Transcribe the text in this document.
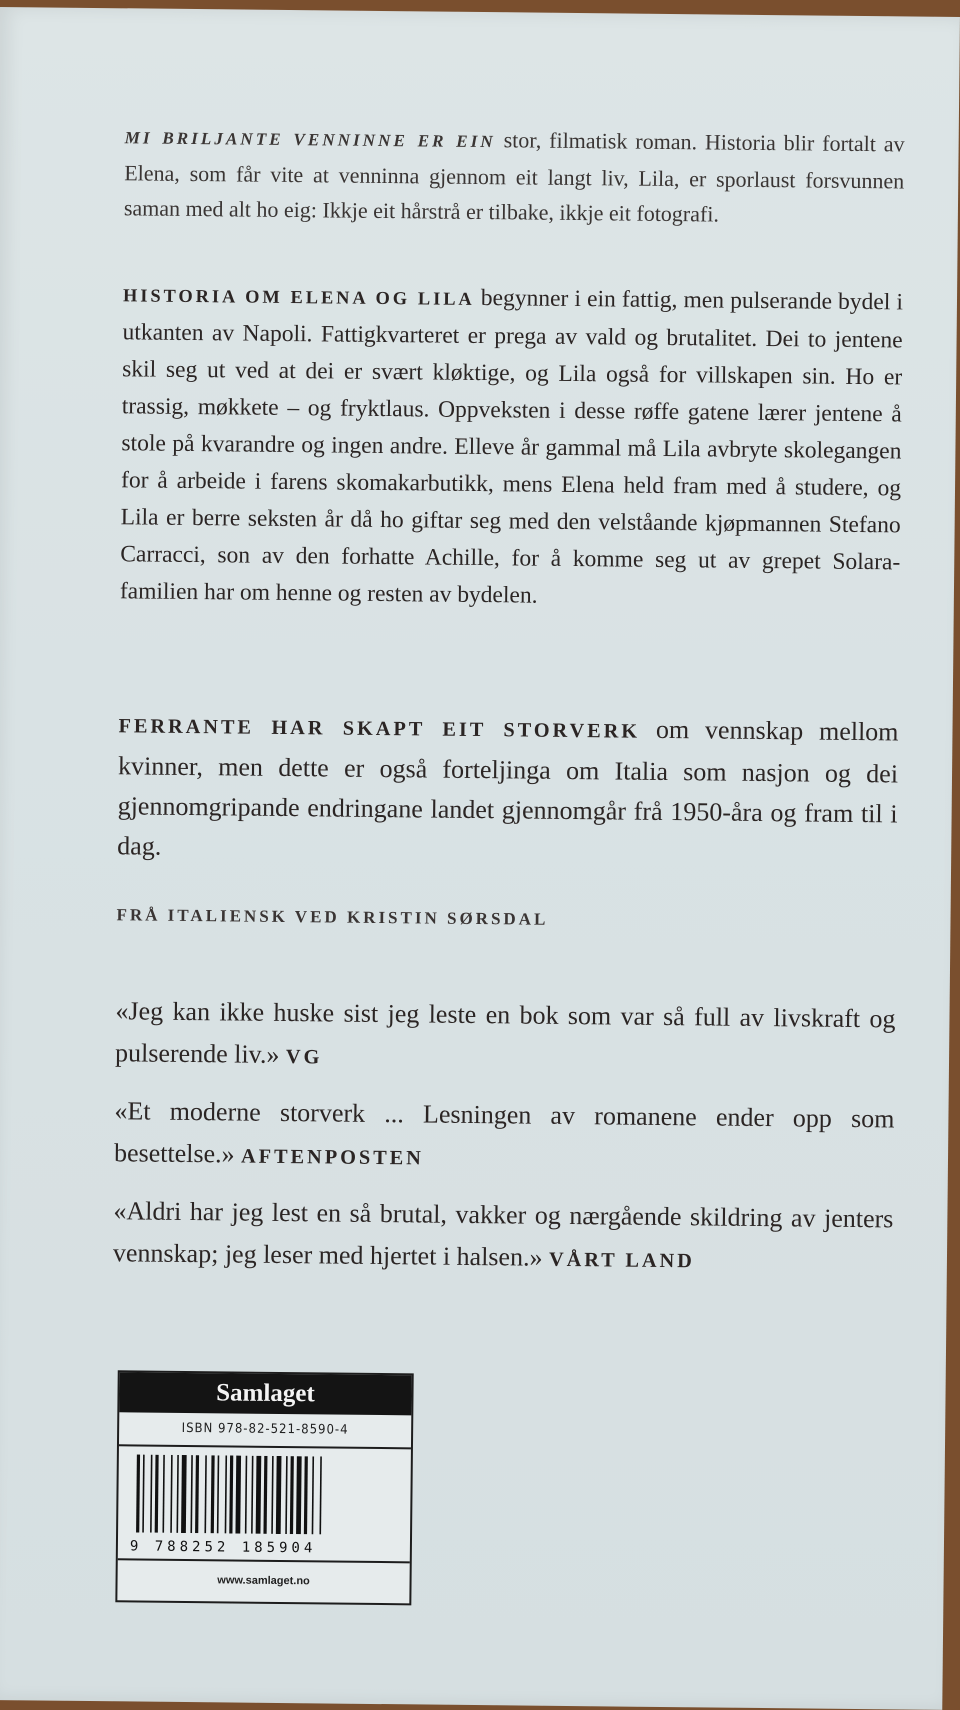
MI BRILJANTE VENNINNE ER EIN stor, filmatisk roman. Historia blir fortalt av Elena, som får vite at venninna gjennom eit langt liv, Lila, er sporlaust forsvunnen saman med alt ho eig: Ikkje eit hårstrå er tilbake, ikkje eit fotografi.

HISTORIA OM ELENA OG LILA begynner i ein fattig, men pulserande bydel i utkanten av Napoli. Fattigkvarteret er prega av vald og brutalitet. Dei to jentene skil seg ut ved at dei er svært kløktige, og Lila også for villskapen sin. Ho er trassig, møkkete – og fryktlaus. Oppveksten i desse røffe gatene lærer jentene å stole på kvarandre og ingen andre. Elleve år gammal må Lila avbryte skolegangen for å arbeide i farens skomakarbutikk, mens Elena held fram med å studere, og Lila er berre seksten år då ho giftar seg med den velståande kjøpmannen Stefano Carracci, son av den forhatte Achille, for å komme seg ut av grepet Solara-familien har om henne og resten av bydelen.

FERRANTE HAR SKAPT EIT STORVERK om vennskap mellom kvinner, men dette er også forteljinga om Italia som nasjon og dei gjennomgripande endringane landet gjennomgår frå 1950-åra og fram til i dag.

FRÅ ITALIENSK VED KRISTIN SØRSDAL

«Jeg kan ikke huske sist jeg leste en bok som var så full av livskraft og pulserende liv.» VG

«Et moderne storverk ... Lesningen av romanene ender opp som besettelse.» AFTENPOSTEN

«Aldri har jeg lest en så brutal, vakker og nærgående skildring av jenters vennskap; jeg leser med hjertet i halsen.» VÅRT LAND

Samlaget
ISBN 978-82-521-8590-4
9 788252 185904
www.samlaget.no
